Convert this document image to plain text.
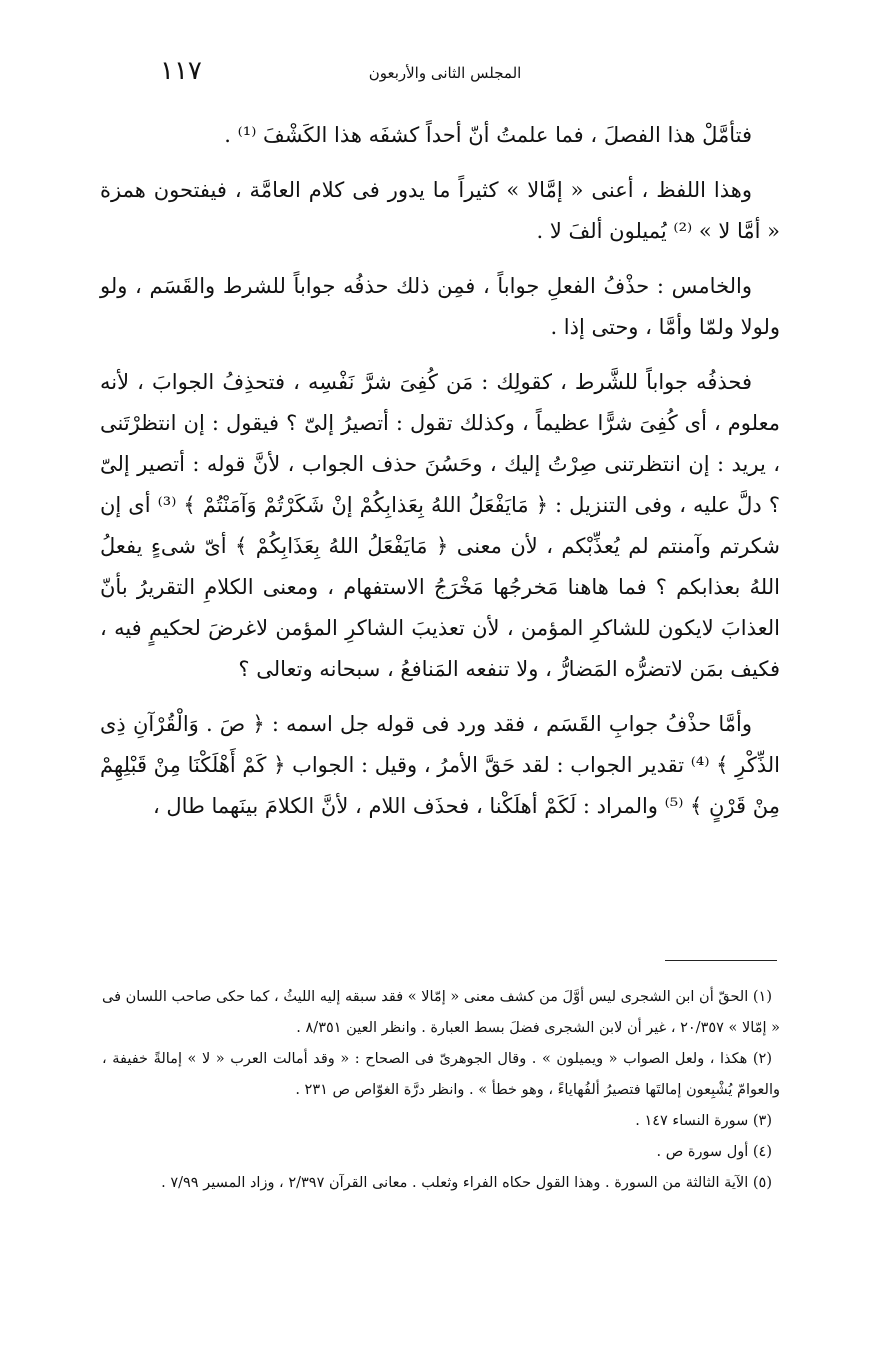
المجلس الثانى والأربعون
١١٧

فتأمَّلْ هذا الفصلَ ، فما علمتُ أنّ أحداً كشفَه هذا الكَشْفَ ⁽¹⁾ .

وهذا اللفظ ، أعنى « إمَّالا » كثيراً ما يدور فى كلام العامَّة ، فيفتحون همزة « أمَّا لا » ⁽²⁾ يُميلون ألفَ لا .

والخامس : حذْفُ الفعلِ جواباً ، فمِن ذلك حذفُه جواباً للشرط والقَسَم ، ولو ولولا ولمّا وأمَّا ، وحتى إذا .

فحذفُه جواباً للشَّرط ، كقولِك : مَن كُفِىَ شرَّ نَفْسِه ، فتحذِفُ الجوابَ ، لأنه معلوم ، أى كُفِىَ شرًّا عظيماً ، وكذلك تقول : أتصيرُ إلىّ ؟ فيقول : إن انتظرْتَنى ، يريد : إن انتظرتنى صِرْتُ إليك ، وحَسُنَ حذف الجواب ، لأنَّ قوله : أتصير إلىّ ؟ دلَّ عليه ، وفى التنزيل : ﴿ مَايَفْعَلُ اللهُ بِعَذابِكُمْ إنْ شَكَرْتُمْ وَآمَنْتُمْ ﴾ ⁽³⁾ أى إن شكرتم وآمنتم لم يُعذِّبْكم ، لأن معنى ﴿ مَايَفْعَلُ اللهُ بِعَذَابِكُمْ ﴾ أىّ شىءٍ يفعلُ اللهُ بعذابكم ؟ فما هاهنا مَخرجُها مَخْرَجُ الاستفهام ، ومعنى الكلامِ التقريرُ بأنّ العذابَ لايكون للشاكرِ المؤمن ، لأن تعذيبَ الشاكرِ المؤمن لاغرضَ لحكيمٍ فيه ، فكيف بمَن لاتضرُّه المَضارُّ ، ولا تنفعه المَنافعُ ، سبحانه وتعالى ؟

وأمَّا حذْفُ جوابِ القَسَم ، فقد ورد فى قوله جل اسمه : ﴿ صَ . وَالْقُرْآنِ ذِى الذِّكْرِ ﴾ ⁽⁴⁾ تقدير الجواب : لقد حَقَّ الأمرُ ، وقيل : الجواب ﴿ كَمْ أَهْلَكْنَا مِنْ قَبْلِهِمْ مِنْ قَرْنٍ ﴾ ⁽⁵⁾ والمراد : لَكَمْ أهلَكْنا ، فحذَف اللام ، لأنَّ الكلامَ بينَهما طال ،

(١) الحقّ أن ابن الشجرى ليس أوَّلَ من كشف معنى « إمّالا » فقد سبقه إليه الليثُ ، كما حكى صاحب اللسان فى « إمّالا » ٢٠/٣٥٧ ، غير أن لابن الشجرى فضلَ بسط العبارة . وانظر العين ٨/٣٥١ .

(٢) هكذا ، ولعل الصواب « ويميلون » . وقال الجوهرىّ فى الصحاح : « وقد أمالت العرب « لا » إمالةً خفيفة ، والعوامّ يُشْبِعون إمالتَها فتصيرُ ألفُهاياءً ، وهو خطأ » . وانظر درَّة الغوّاص ص ٢٣١ .

(٣) سورة النساء ١٤٧ .

(٤) أول سورة ص .

(٥) الآية الثالثة من السورة . وهذا القول حكاه الفراء وثعلب . معانى القرآن ٢/٣٩٧ ، وزاد المسير ٧/٩٩ .
